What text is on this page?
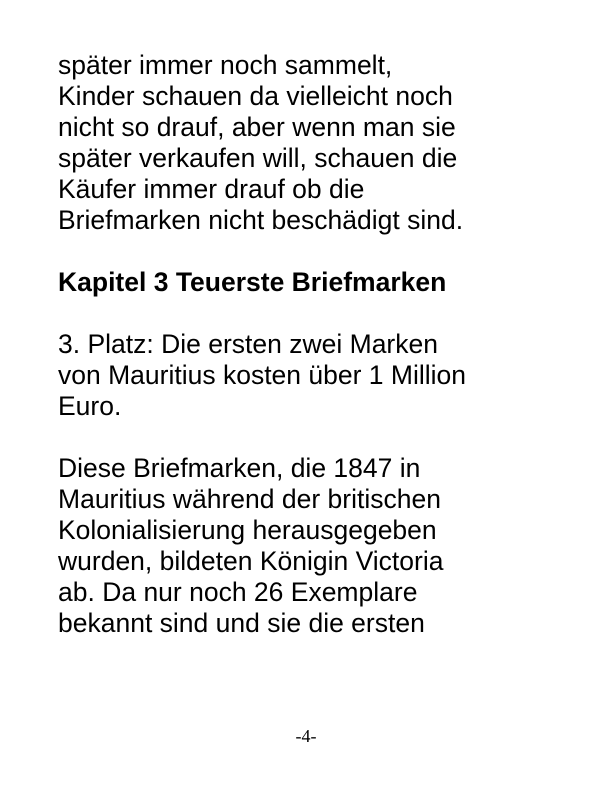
später immer noch sammelt,
Kinder schauen da vielleicht noch
nicht so drauf, aber wenn man sie
später verkaufen will, schauen die
Käufer immer drauf ob die
Briefmarken nicht beschädigt sind.
Kapitel 3 Teuerste Briefmarken
3. Platz: Die ersten zwei Marken
von Mauritius kosten über 1 Million
Euro.
Diese Briefmarken, die 1847 in
Mauritius während der britischen
Kolonialisierung herausgegeben
wurden, bildeten Königin Victoria
ab. Da nur noch 26 Exemplare
bekannt sind und sie die ersten
-4-
